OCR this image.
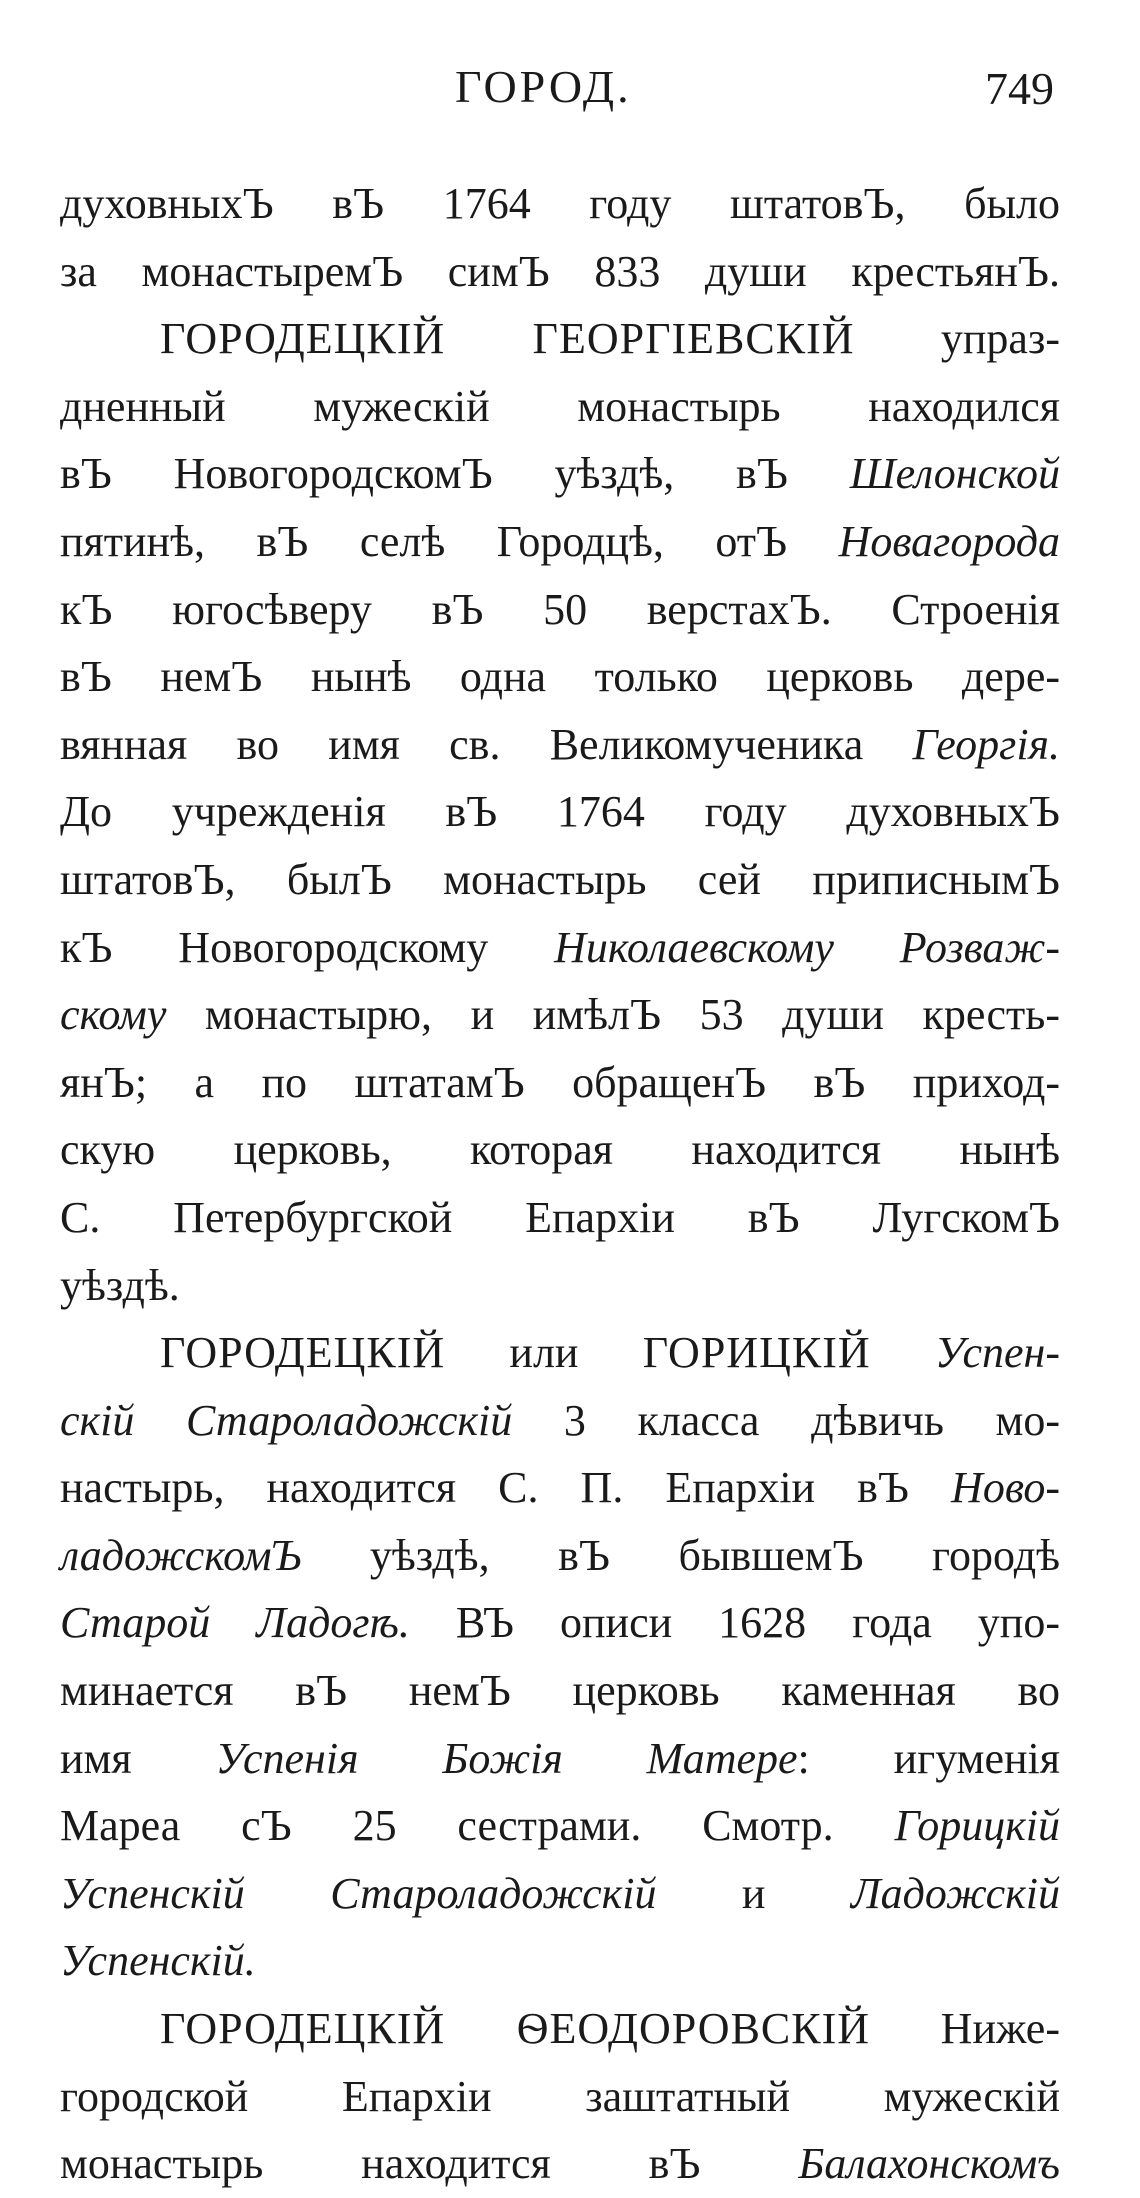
ГОРОД.	749
духовныхЪ вЪ 1764 году штатовЪ, было
за монастыремЪ симЪ 833 души крестьянЪ.
ГОРОДЕЦКІЙ ГЕОРГІЕВСКІЙ упраз-
дненный мужескій монастырь находился
вЪ НовогородскомЪ уѣздѣ, вЪ Шелонской
пятинѣ, вЪ селѣ Городцѣ, отЪ Новагорода
кЪ югосѣверу вЪ 50 верстахЪ. Строенія
вЪ немЪ нынѣ одна только церковь дере-
вянная во имя св. Великомученика Георгія.
До учрежденія вЪ 1764 году духовныхЪ
штатовЪ, былЪ монастырь сей приписнымЪ
кЪ Новогородскому Николаевскому Розваж-
скому монастырю, и имѣлЪ 53 души кресть-
янЪ; а по штатамЪ обращенЪ вЪ приход-
скую церковь, которая находится нынѣ
С. Петербургской Епархіи вЪ ЛугскомЪ
уѣздѣ.
ГОРОДЕЦКІЙ или ГОРИЦКІЙ Успен-
скій Староладожскій 3 класса дѣвичь мо-
настырь, находится С. П. Епархіи вЪ Ново-
ладожскомЪ уѣздѣ, вЪ бывшемЪ городѣ
Старой Ладогѣ. ВЪ описи 1628 года упо-
минается вЪ немЪ церковь каменная во
имя Успенія Божія Матере: игуменія
Мареа сЪ 25 сестрами. Смотр. Горицкій
Успенскій Староладожскій и Ладожскій
Успенскій.
ГОРОДЕЦКІЙ ѲЕОДОРОВСКІЙ Ниже-
городской Епархіи заштатный мужескій
монастырь находится вЪ Балахонскомъ
